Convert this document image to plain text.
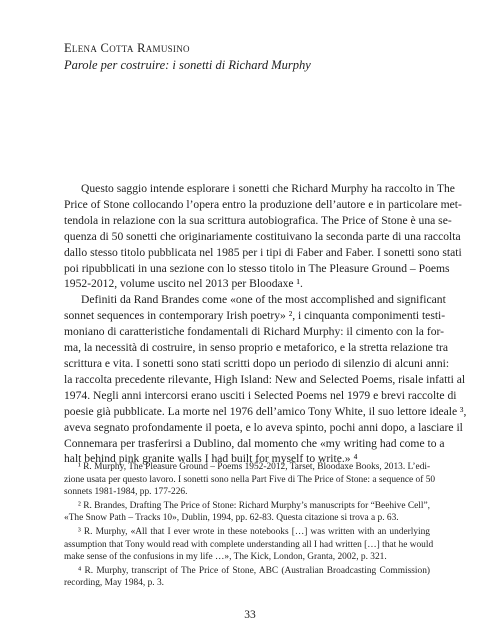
Elena Cotta Ramusino
Parole per costruire: i sonetti di Richard Murphy

Questo saggio intende esplorare i sonetti che Richard Murphy ha raccolto in The
Price of Stone collocando l’opera entro la produzione dell’autore e in particolare met-
tendola in relazione con la sua scrittura autobiografica. The Price of Stone è una se-
quenza di 50 sonetti che originariamente costituivano la seconda parte di una raccolta
dallo stesso titolo pubblicata nel 1985 per i tipi di Faber and Faber. I sonetti sono stati
poi ripubblicati in una sezione con lo stesso titolo in The Pleasure Ground – Poems
1952-2012, volume uscito nel 2013 per Bloodaxe ¹.

Definiti da Rand Brandes come «one of the most accomplished and significant
sonnet sequences in contemporary Irish poetry» ², i cinquanta componimenti testi-
moniano di caratteristiche fondamentali di Richard Murphy: il cimento con la for-
ma, la necessità di costruire, in senso proprio e metaforico, e la stretta relazione tra
scrittura e vita. I sonetti sono stati scritti dopo un periodo di silenzio di alcuni anni:
la raccolta precedente rilevante, High Island: New and Selected Poems, risale infatti al
1974. Negli anni intercorsi erano usciti i Selected Poems nel 1979 e brevi raccolte di
poesie già pubblicate. La morte nel 1976 dell’amico Tony White, il suo lettore ideale ³,
aveva segnato profondamente il poeta, e lo aveva spinto, pochi anni dopo, a lasciare il
Connemara per trasferirsi a Dublino, dal momento che «my writing had come to a
halt behind pink granite walls I had built for myself to write.» ⁴

¹ R. Murphy, The Pleasure Ground – Poems 1952-2012, Tarset, Bloodaxe Books, 2013. L’edi-
zione usata per questo lavoro. I sonetti sono nella Part Five di The Price of Stone: a sequence of 50
sonnets 1981-1984, pp. 177-226.
² R. Brandes, Drafting The Price of Stone: Richard Murphy’s manuscripts for “Beehive Cell”,
«The Snow Path – Tracks 10», Dublin, 1994, pp. 62-83. Questa citazione si trova a p. 63.
³ R. Murphy, «All that I ever wrote in these notebooks […] was written with an underlying
assumption that Tony would read with complete understanding all I had written […] that he would
make sense of the confusions in my life …», The Kick, London, Granta, 2002, p. 321.
⁴ R. Murphy, transcript of The Price of Stone, ABC (Australian Broadcasting Commission)
recording, May 1984, p. 3.
33
